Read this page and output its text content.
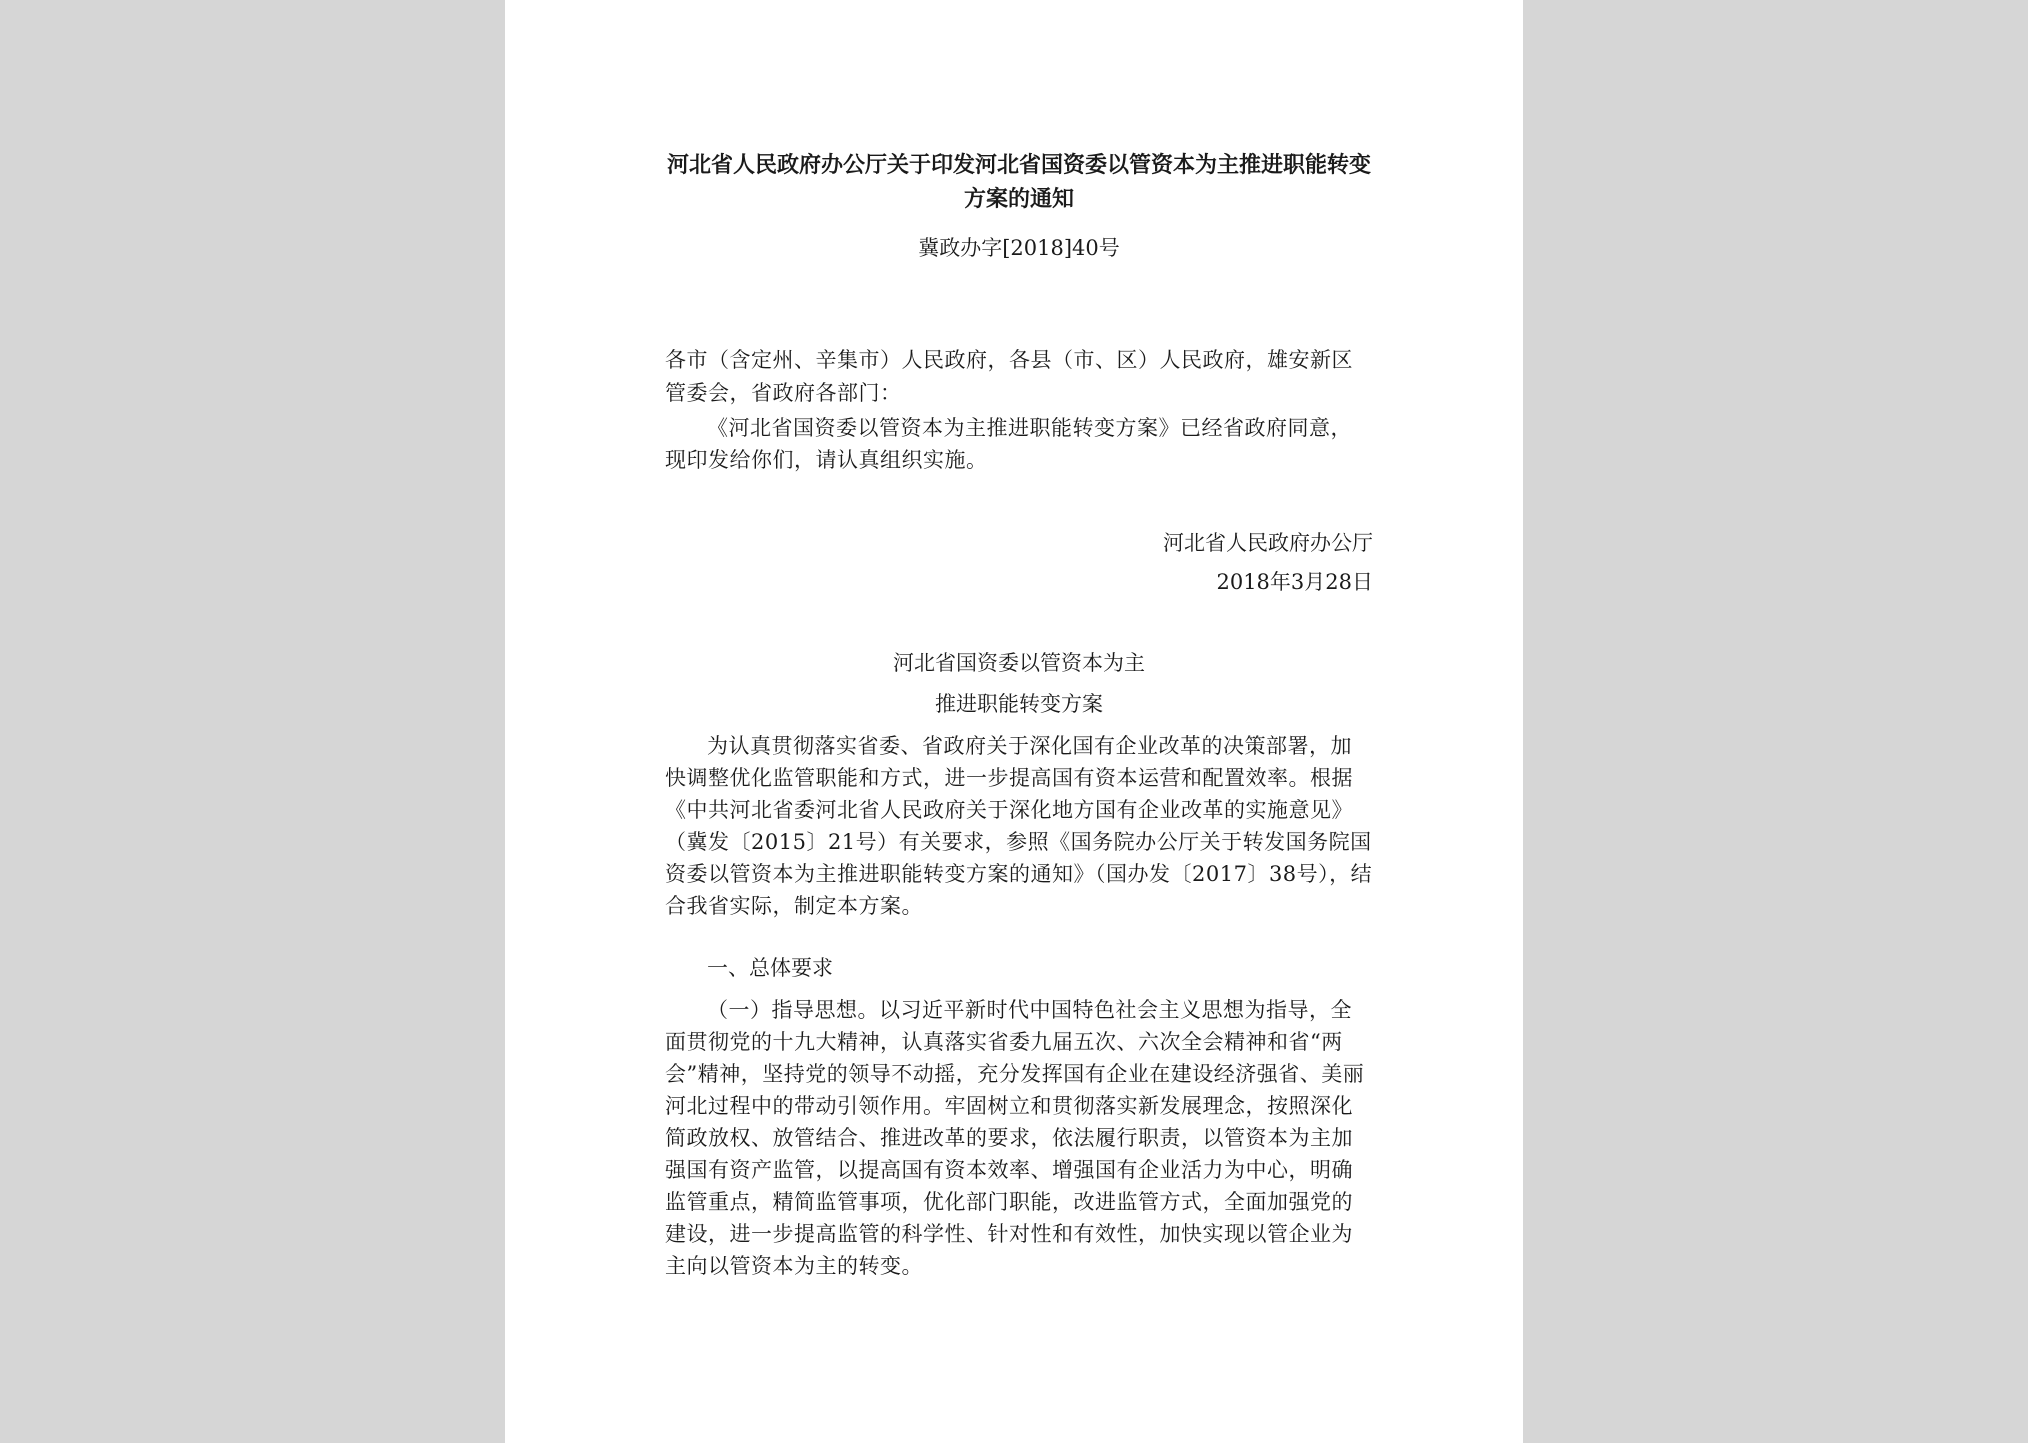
河北省人民政府办公厅关于印发河北省国资委以管资本为主推进职能转变方案的通知
冀政办字[2018]40号
各市（含定州、辛集市）人民政府，各县（市、区）人民政府，雄安新区管委会，省政府各部门：

《河北省国资委以管资本为主推进职能转变方案》已经省政府同意，现印发给你们，请认真组织实施。

河北省人民政府办公厅
2018年3月28日
河北省国资委以管资本为主
推进职能转变方案

为认真贯彻落实省委、省政府关于深化国有企业改革的决策部署，加快调整优化监管职能和方式，进一步提高国有资本运营和配置效率。根据《中共河北省委河北省人民政府关于深化地方国有企业改革的实施意见》（冀发〔2015〕21号）有关要求，参照《国务院办公厅关于转发国务院国资委以管资本为主推进职能转变方案的通知》（国办发〔2017〕38号），结合我省实际，制定本方案。

一、总体要求

（一）指导思想。以习近平新时代中国特色社会主义思想为指导，全面贯彻党的十九大精神，认真落实省委九届五次、六次全会精神和省“两会”精神，坚持党的领导不动摇，充分发挥国有企业在建设经济强省、美丽河北过程中的带动引领作用。牢固树立和贯彻落实新发展理念，按照深化简政放权、放管结合、推进改革的要求，依法履行职责，以管资本为主加强国有资产监管，以提高国有资本效率、增强国有企业活力为中心，明确监管重点，精简监管事项，优化部门职能，改进监管方式，全面加强党的建设，进一步提高监管的科学性、针对性和有效性，加快实现以管企业为主向以管资本为主的转变。
